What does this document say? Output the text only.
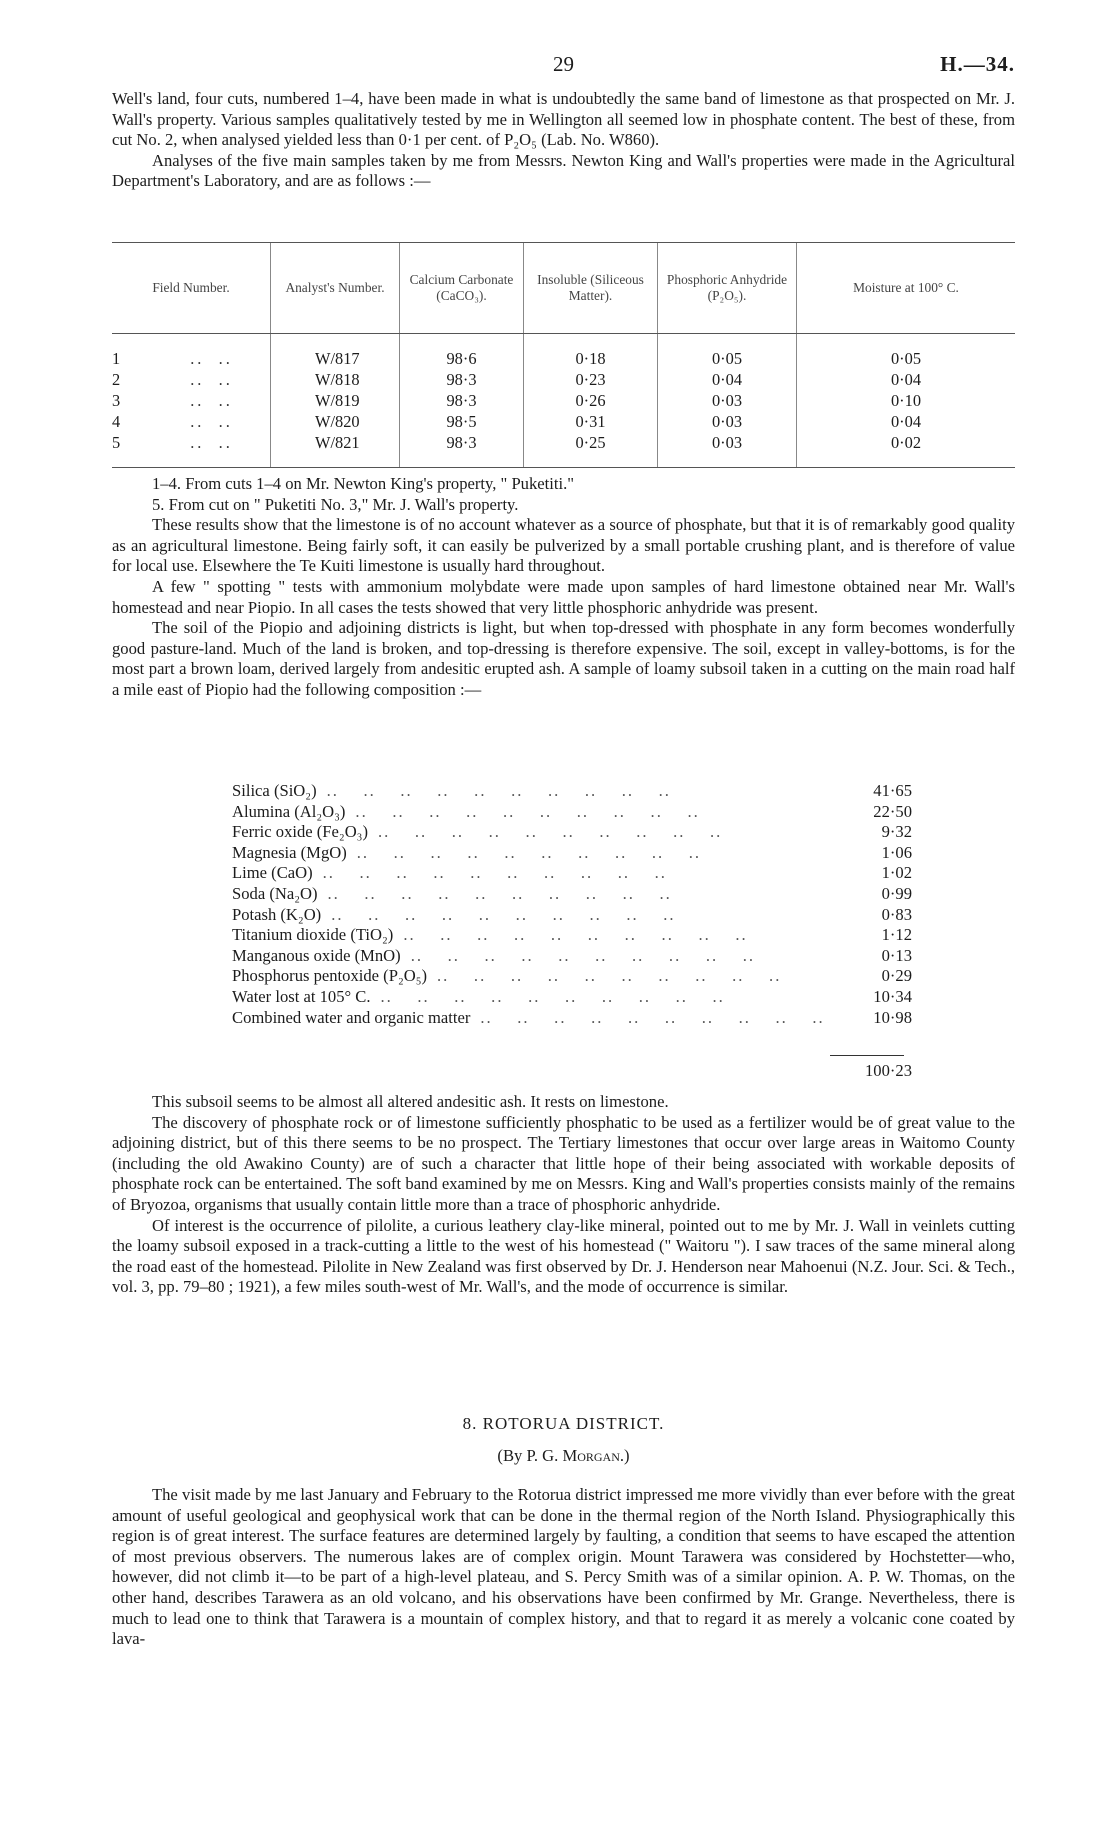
29	H.—34.

Well's land, four cuts, numbered 1–4, have been made in what is undoubtedly the same band of limestone as that prospected on Mr. J. Wall's property. Various samples qualitatively tested by me in Wellington all seemed low in phosphate content. The best of these, from cut No. 2, when analysed yielded less than 0·1 per cent. of P₂O₅ (Lab. No. W860).

Analyses of the five main samples taken by me from Messrs. Newton King and Wall's properties were made in the Agricultural Department's Laboratory, and are as follows :—

Field Number.	Analyst's Number.	Calcium Carbonate (CaCO₃).	Insoluble (Siliceous Matter).	Phosphoric Anhydride (P₂O₅).	Moisture at 100° C.

1 ..  ..	W/817	98·6	0·18	0·05	0·05
2 ..  ..	W/818	98·3	0·23	0·04	0·04
3 ..  ..	W/819	98·3	0·26	0·03	0·10
4 ..  ..	W/820	98·5	0·31	0·03	0·04
5 ..  ..	W/821	98·3	0·25	0·03	0·02

1–4. From cuts 1–4 on Mr. Newton King's property, " Puketiti."

5. From cut on " Puketiti No. 3," Mr. J. Wall's property.

These results show that the limestone is of no account whatever as a source of phosphate, but that it is of remarkably good quality as an agricultural limestone. Being fairly soft, it can easily be pulverized by a small portable crushing plant, and is therefore of value for local use. Elsewhere the Te Kuiti limestone is usually hard throughout.

A few " spotting " tests with ammonium molybdate were made upon samples of hard limestone obtained near Mr. Wall's homestead and near Piopio. In all cases the tests showed that very little phosphoric anhydride was present.

The soil of the Piopio and adjoining districts is light, but when top-dressed with phosphate in any form becomes wonderfully good pasture-land. Much of the land is broken, and top-dressing is therefore expensive. The soil, except in valley-bottoms, is for the most part a brown loam, derived largely from andesitic erupted ash. A sample of loamy subsoil taken in a cutting on the main road half a mile east of Piopio had the following composition :—

Silica (SiO₂) ..    ..    ..    ..    ..    ..    ..    ..    ..    ..	41·65
Alumina (Al₂O₃) ..    ..    ..    ..    ..    ..    ..    ..    ..    ..	22·50
Ferric oxide (Fe₂O₃) ..    ..    ..    ..    ..    ..    ..    ..    ..    ..	9·32
Magnesia (MgO) ..    ..    ..    ..    ..    ..    ..    ..    ..    ..	1·06
Lime (CaO) ..    ..    ..    ..    ..    ..    ..    ..    ..    ..	1·02
Soda (Na₂O) ..    ..    ..    ..    ..    ..    ..    ..    ..    ..	0·99
Potash (K₂O) ..    ..    ..    ..    ..    ..    ..    ..    ..    ..	0·83
Titanium dioxide (TiO₂) ..    ..    ..    ..    ..    ..    ..    ..    ..    ..	1·12
Manganous oxide (MnO) ..    ..    ..    ..    ..    ..    ..    ..    ..    ..	0·13
Phosphorus pentoxide (P₂O₅) ..    ..    ..    ..    ..    ..    ..    ..    ..    ..	0·29
Water lost at 105° C. ..    ..    ..    ..    ..    ..    ..    ..    ..    ..	10·34
Combined water and organic matter ..    ..    ..    ..    ..    ..    ..    ..    ..    ..	10·98
100·23

This subsoil seems to be almost all altered andesitic ash. It rests on limestone.

The discovery of phosphate rock or of limestone sufficiently phosphatic to be used as a fertilizer would be of great value to the adjoining district, but of this there seems to be no prospect. The Tertiary limestones that occur over large areas in Waitomo County (including the old Awakino County) are of such a character that little hope of their being associated with workable deposits of phosphate rock can be entertained. The soft band examined by me on Messrs. King and Wall's properties consists mainly of the remains of Bryozoa, organisms that usually contain little more than a trace of phosphoric anhydride.

Of interest is the occurrence of pilolite, a curious leathery clay-like mineral, pointed out to me by Mr. J. Wall in veinlets cutting the loamy subsoil exposed in a track-cutting a little to the west of his homestead (" Waitoru "). I saw traces of the same mineral along the road east of the homestead. Pilolite in New Zealand was first observed by Dr. J. Henderson near Mahoenui (N.Z. Jour. Sci. & Tech., vol. 3, pp. 79–80 ; 1921), a few miles south-west of Mr. Wall's, and the mode of occurrence is similar.

8. ROTORUA DISTRICT.
(By P. G. Morgan.)

The visit made by me last January and February to the Rotorua district impressed me more vividly than ever before with the great amount of useful geological and geophysical work that can be done in the thermal region of the North Island. Physiographically this region is of great interest. The surface features are determined largely by faulting, a condition that seems to have escaped the attention of most previous observers. The numerous lakes are of complex origin. Mount Tarawera was considered by Hochstetter—who, however, did not climb it—to be part of a high-level plateau, and S. Percy Smith was of a similar opinion. A. P. W. Thomas, on the other hand, describes Tarawera as an old volcano, and his observations have been confirmed by Mr. Grange. Nevertheless, there is much to lead one to think that Tarawera is a mountain of complex history, and that to regard it as merely a volcanic cone coated by lava-
